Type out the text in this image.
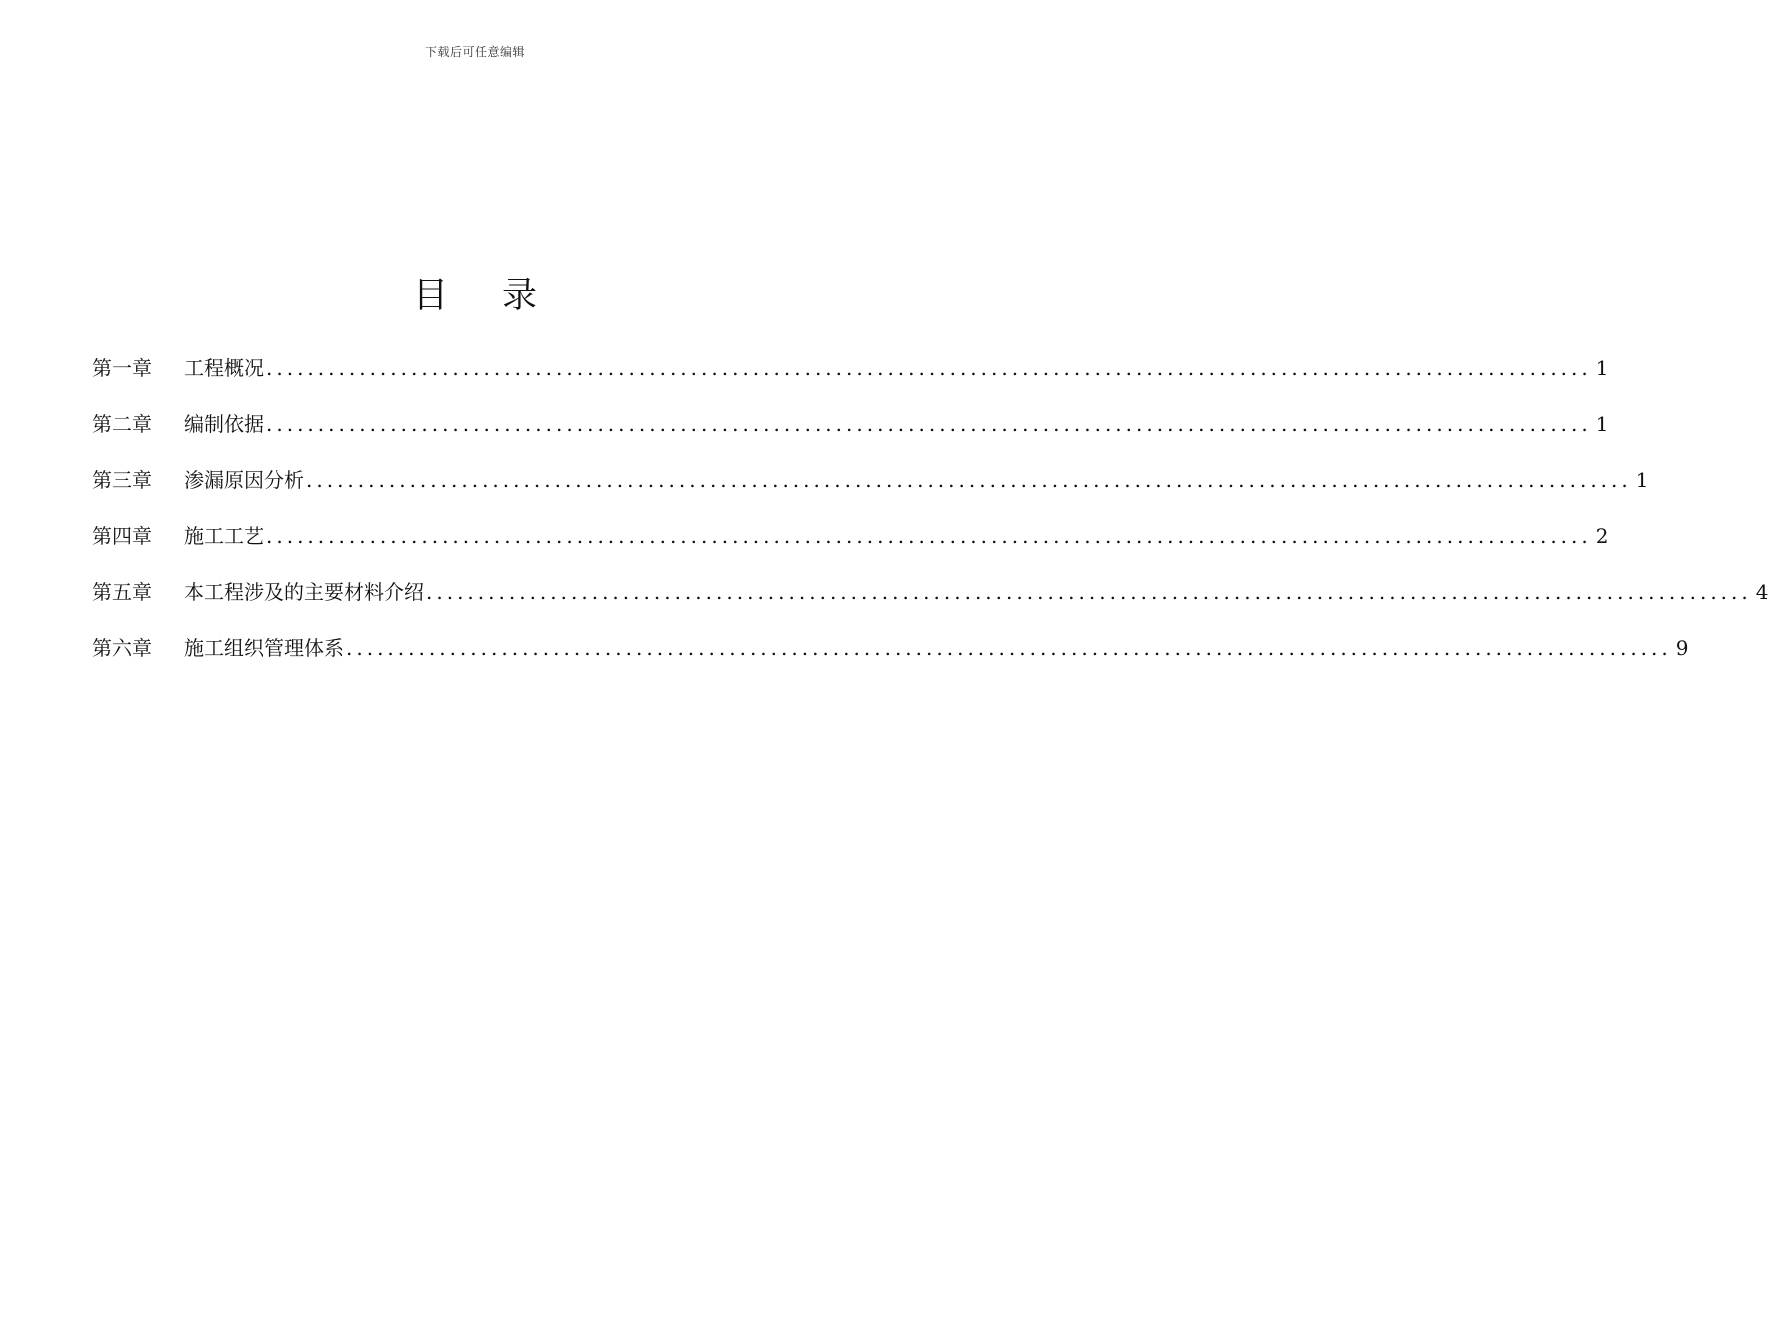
下载后可任意编辑
目 录
第一章	工程概况 ................................................................................................................................ 1
第二章	编制依据 ................................................................................................................................ 1
第三章	渗漏原因分析 ................................................................................................................................ 1
第四章	施工工艺 ................................................................................................................................ 2
第五章	本工程涉及的主要材料介绍 ................................................................................................................................ 4
第六章	施工组织管理体系 ................................................................................................................................ 9
